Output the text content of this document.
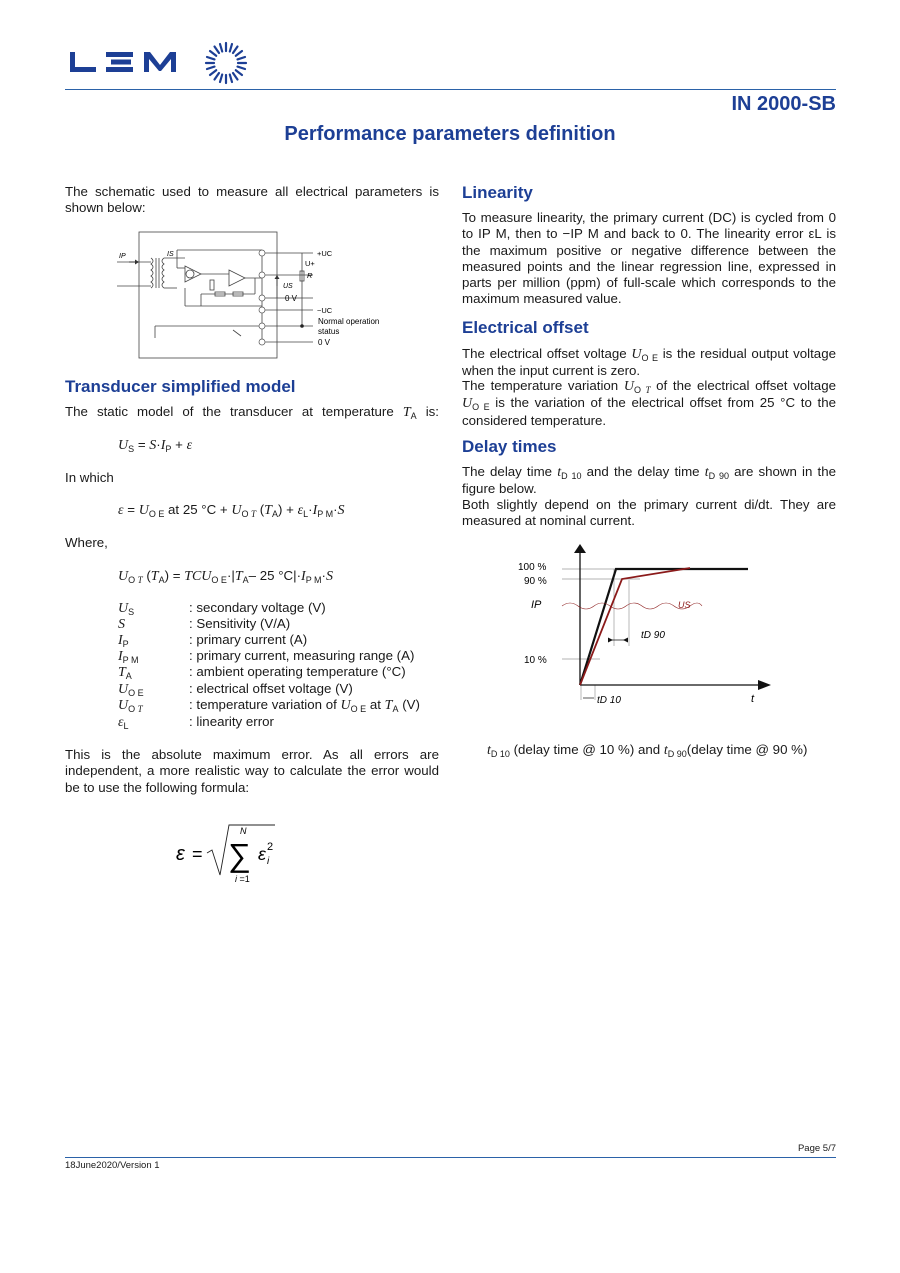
IN 2000-SB
Performance parameters definition

The schematic used to measure all electrical parameters is shown below:

IP	IS	+UC
U+
R
US
0 V
−UC
Normal operation
status
0 V
Transducer simplified model

The static model of the transducer at temperature $T_A$ is:

$U_S = S\cdot I_P + \varepsilon$

In which

$\varepsilon = U_{O E}$ at 25 $^\circ C + U_{O T}$ $(T_A) + \varepsilon_L\cdot I_{P M}\cdot S$

Where,

$U_{O T}$ $(T_A) = TCU_{O E}\cdot|T_A-$ 25 $^\circ C|\cdot I_{P M}\cdot S$
$U_S$	: secondary voltage (V)
S	: Sensitivity (V/A)
$I_P$	: primary current (A)
$I_{P M}$	: primary current, measuring range (A)
$T_A$	: ambient operating temperature (°C)
$U_{O E}$	: electrical offset voltage (V)
$U_{O T}$	: temperature variation of $U_{O E}$ at $T_A$ (V)
$\varepsilon_L$	: linearity error

This is the absolute maximum error. As all errors are independent, a more realistic way to calculate the error would be to use the following formula:

ε = ∑
N
i =1
ε i
2
Linearity

To measure linearity, the primary current (DC) is cycled from 0 to IP M, then to −IP M and back to 0. The linearity error εL is the maximum positive or negative difference between the measured points and the linear regression line, expressed in parts per million (ppm) of full-scale which corresponds to the maximum measured value.

Electrical offset

The electrical offset voltage $U_{O E}$ is the residual output voltage when the input current is zero.

The temperature variation $U_{O T}$ of the electrical offset voltage $U_{O E}$ is the variation of the electrical offset from 25 °C to the considered temperature.

Delay times

The delay time $t_{D 10}$ and the delay time $t_{D 90}$ are shown in the figure below.

Both slightly depend on the primary current di/dt. They are measured at nominal current.

100 %
90 %
10 %
IP	US
tD 90
tD 10	t

$t_{D 10}$ (delay time @ 10 %) and $t_{D 90}(delay$ time @ 90 %)

Page 5/7
18June2020/Version 1
